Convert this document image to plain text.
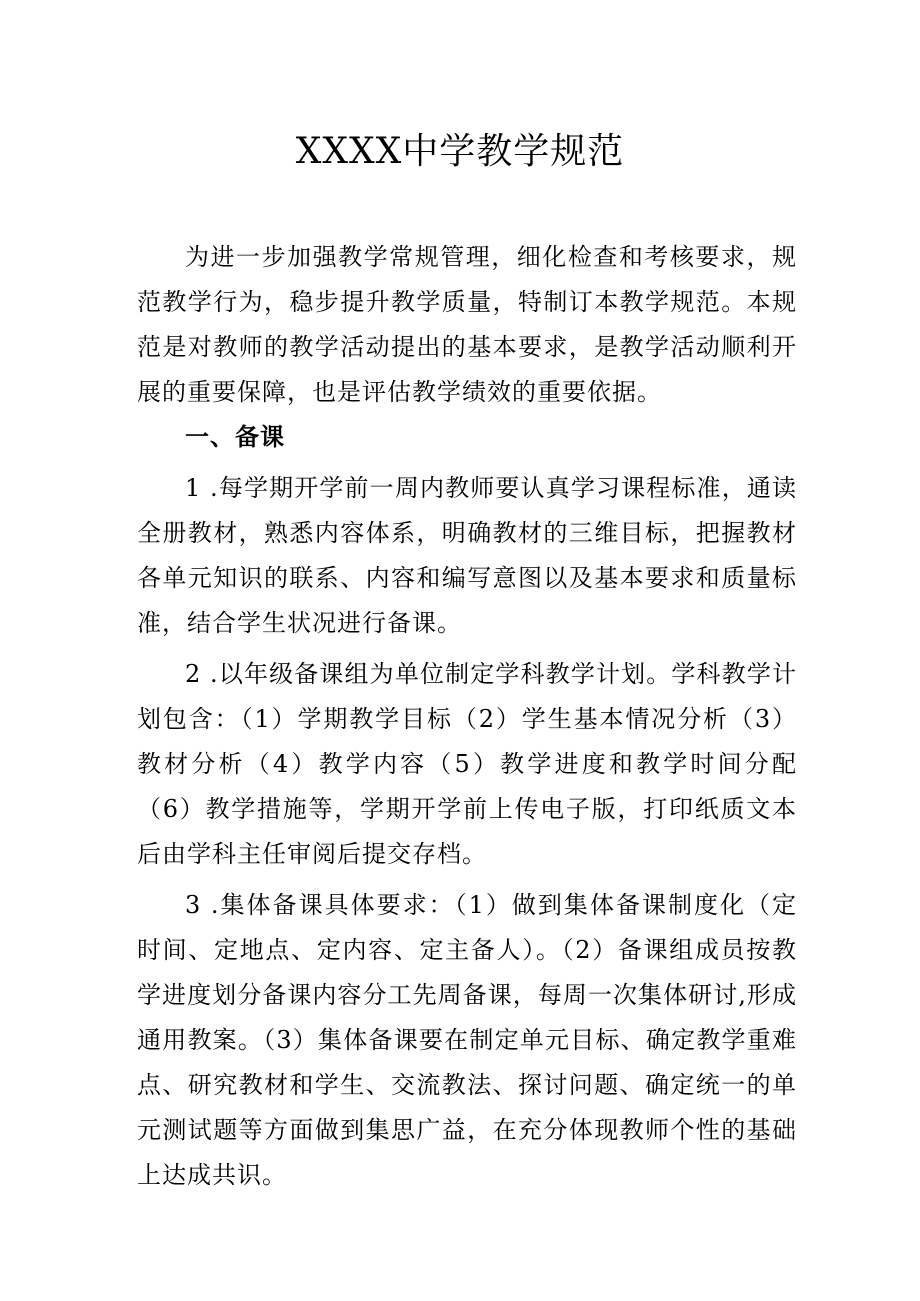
XXXX中学教学规范

为进一步加强教学常规管理，细化检查和考核要求，规范教学行为，稳步提升教学质量，特制订本教学规范。本规范是对教师的教学活动提出的基本要求，是教学活动顺利开展的重要保障，也是评估教学绩效的重要依据。

一、备课

1 .每学期开学前一周内教师要认真学习课程标准，通读全册教材，熟悉内容体系，明确教材的三维目标，把握教材各单元知识的联系、内容和编写意图以及基本要求和质量标准，结合学生状况进行备课。

2 .以年级备课组为单位制定学科教学计划。学科教学计划包含：（1）学期教学目标（2）学生基本情况分析（3）教材分析（4）教学内容（5）教学进度和教学时间分配（6）教学措施等，学期开学前上传电子版，打印纸质文本后由学科主任审阅后提交存档。

3 .集体备课具体要求：（1）做到集体备课制度化（定时间、定地点、定内容、定主备人）。（2）备课组成员按教学进度划分备课内容分工先周备课，每周一次集体研讨,形成通用教案。（3）集体备课要在制定单元目标、确定教学重难点、研究教材和学生、交流教法、探讨问题、确定统一的单元测试题等方面做到集思广益，在充分体现教师个性的基础上达成共识。
